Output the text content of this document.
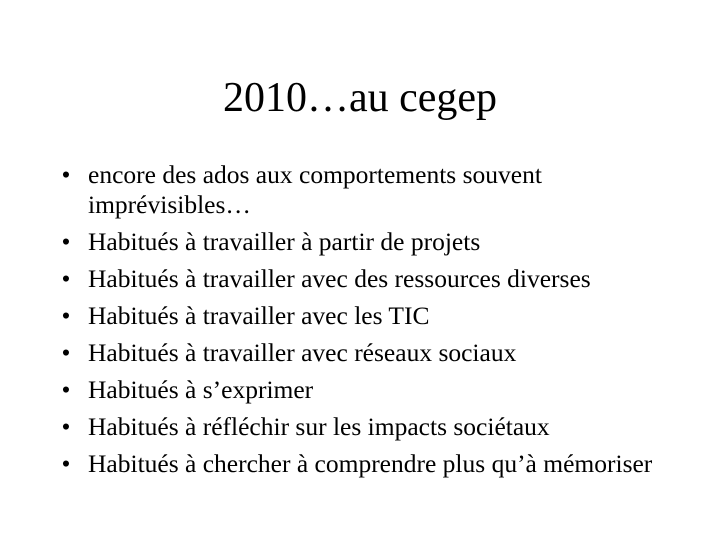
2010…au cegep
• encore des ados aux comportements souvent imprévisibles…
• Habitués à travailler à partir de projets
• Habitués à travailler avec des ressources diverses
• Habitués à travailler avec les TIC
• Habitués à travailler avec réseaux sociaux
• Habitués à s’exprimer
• Habitués à réfléchir sur les impacts sociétaux
• Habitués à chercher à comprendre plus qu’à mémoriser
